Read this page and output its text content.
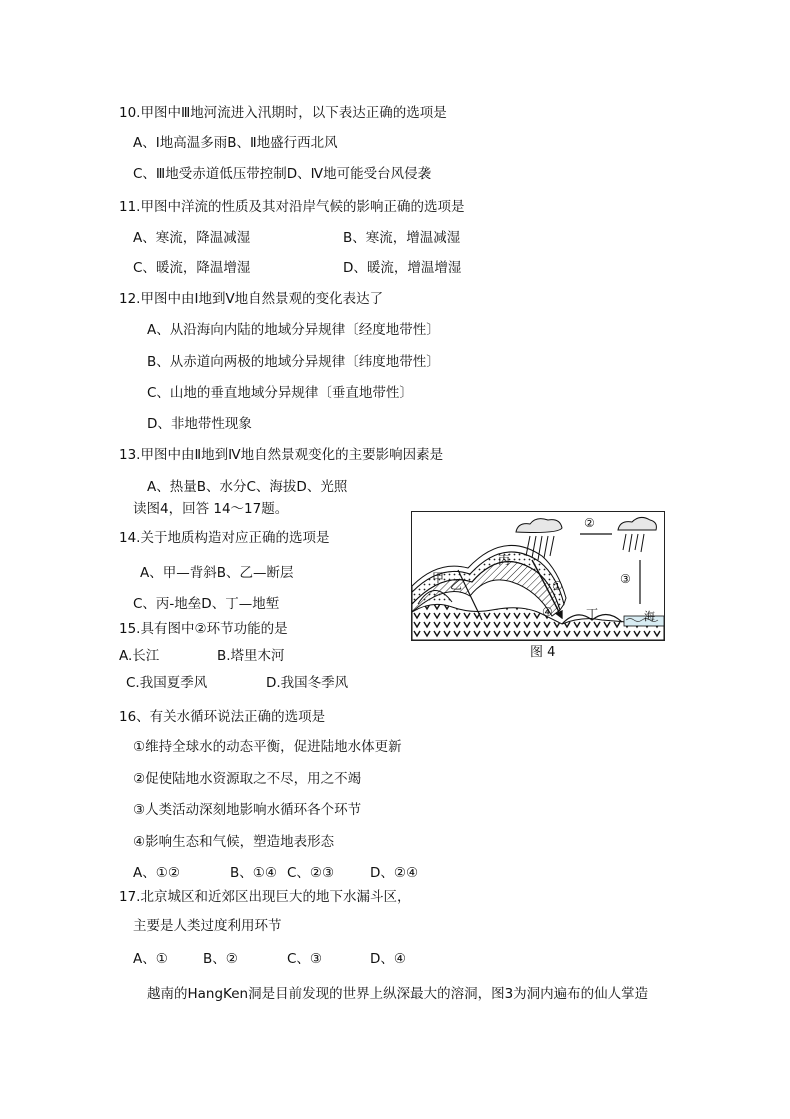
10.甲图中Ⅲ地河流进入汛期时，以下表达正确的选项是
A、Ⅰ地高温多雨B、Ⅱ地盛行西北风
C、Ⅲ地受赤道低压带控制D、Ⅳ地可能受台风侵袭
11.甲图中洋流的性质及其对沿岸气候的影响正确的选项是
A、寒流，降温减湿	B、寒流，增温减湿
C、暖流，降温增湿	D、暖流，增温增湿
12.甲图中由Ⅰ地到Ⅴ地自然景观的变化表达了
A、从沿海向内陆的地域分异规律〔经度地带性〕
B、从赤道向两极的地域分异规律〔纬度地带性〕
C、山地的垂直地域分异规律〔垂直地带性〕
D、非地带性现象
13.甲图中由Ⅱ地到Ⅳ地自然景观变化的主要影响因素是
A、热量B、水分C、海拔D、光照
读图4，回答 14～17题。
14.关于地质构造对应正确的选项是
A、甲—背斜B、乙—断层
C、丙-地垒D、丁—地堑
15.具有图中②环节功能的是
A.长江	B.塔里木河
C.我国夏季风	D.我国冬季风
16、有关水循环说法正确的选项是
①维持全球水的动态平衡，促进陆地水体更新
②促使陆地水资源取之不尽，用之不竭
③人类活动深刻地影响水循环各个环节
④影响生态和气候，塑造地表形态
A、①②	B、①④ C、②③	D、②④
17.北京城区和近郊区出现巨大的地下水漏斗区，
主要是人类过度利用环节
A、①	B、②	C、③	D、④
越南的HangKen洞是目前发现的世界上纵深最大的溶洞，图3为洞内遍布的仙人掌造
甲 乙
丙
丁	海
①
②
③
④
图 4
